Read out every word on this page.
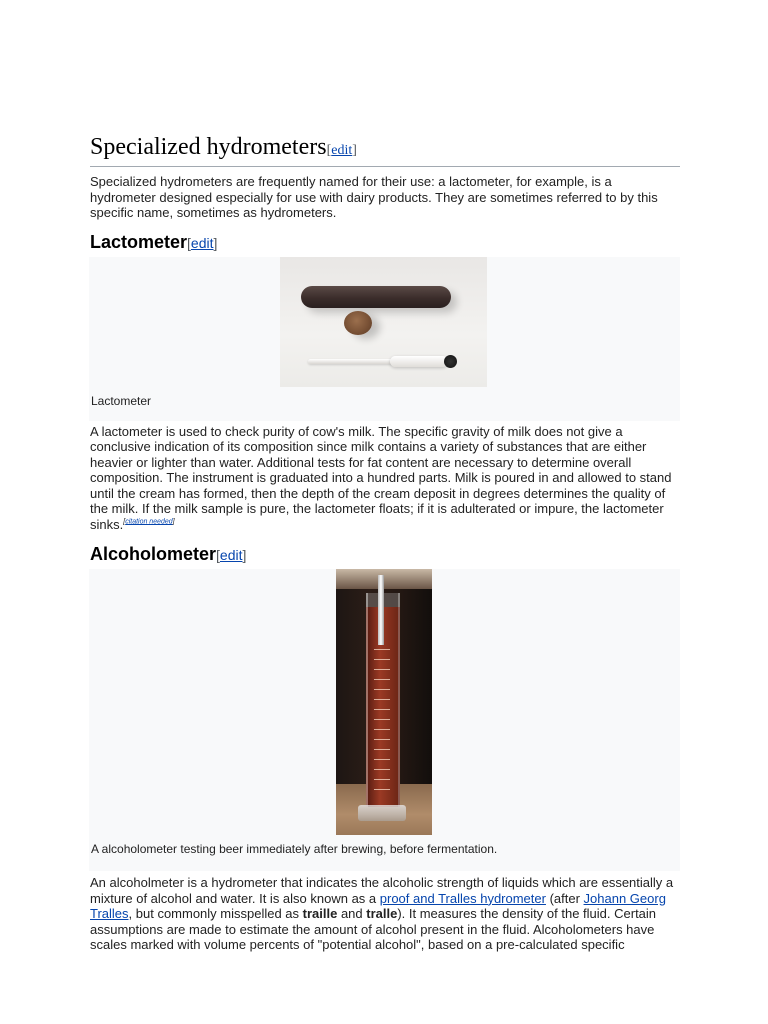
Specialized hydrometers[edit]

Specialized hydrometers are frequently named for their use: a lactometer, for example, is a hydrometer designed especially for use with dairy products. They are sometimes referred to by this specific name, sometimes as hydrometers.

Lactometer[edit]
Lactometer

A lactometer is used to check purity of cow's milk. The specific gravity of milk does not give a conclusive indication of its composition since milk contains a variety of substances that are either heavier or lighter than water. Additional tests for fat content are necessary to determine overall composition. The instrument is graduated into a hundred parts. Milk is poured in and allowed to stand until the cream has formed, then the depth of the cream deposit in degrees determines the quality of the milk. If the milk sample is pure, the lactometer floats; if it is adulterated or impure, the lactometer sinks.[citation needed]

Alcoholometer[edit]
A alcoholometer testing beer immediately after brewing, before fermentation.

An alcoholmeter is a hydrometer that indicates the alcoholic strength of liquids which are essentially a mixture of alcohol and water. It is also known as a proof and Tralles hydrometer (after Johann Georg Tralles, but commonly misspelled as traille and tralle). It measures the density of the fluid. Certain assumptions are made to estimate the amount of alcohol present in the fluid. Alcoholometers have scales marked with volume percents of "potential alcohol", based on a pre-calculated specific
